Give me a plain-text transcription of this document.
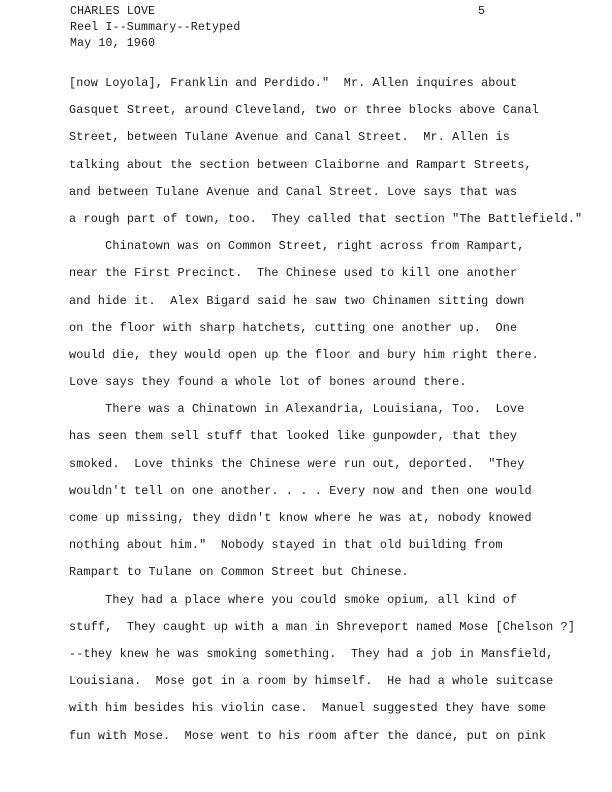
CHARLES LOVE
Reel I--Summary--Retyped
May 10, 1960
5
[now Loyola], Franklin and Perdido."  Mr. Allen inquires about
Gasquet Street, around Cleveland, two or three blocks above Canal
Street, between Tulane Avenue and Canal Street.  Mr. Allen is
talking about the section between Claiborne and Rampart Streets,
and between Tulane Avenue and Canal Street. Love says that was
a rough part of town, too.  They called that section "The Battlefield."
Chinatown was on Common Street, right across from Rampart,
near the First Precinct.  The Chinese used to kill one another
and hide it.  Alex Bigard said he saw two Chinamen sitting down
on the floor with sharp hatchets, cutting one another up.  One
would die, they would open up the floor and bury him right there.
Love says they found a whole lot of bones around there.
There was a Chinatown in Alexandria, Louisiana, Too.  Love
has seen them sell stuff that looked like gunpowder, that they
smoked.  Love thinks the Chinese were run out, deported.  "They
wouldn't tell on one another. . . . Every now and then one would
come up missing, they didn't know where he was at, nobody knowed
nothing about him."  Nobody stayed in that old building from
Rampart to Tulane on Common Street but Chinese.
They had a place where you could smoke opium, all kind of
stuff,  They caught up with a man in Shreveport named Mose [Chelson ?]
--they knew he was smoking something.  They had a job in Mansfield,
Louisiana.  Mose got in a room by himself.  He had a whole suitcase
with him besides his violin case.  Manuel suggested they have some
fun with Mose.  Mose went to his room after the dance, put on pink
